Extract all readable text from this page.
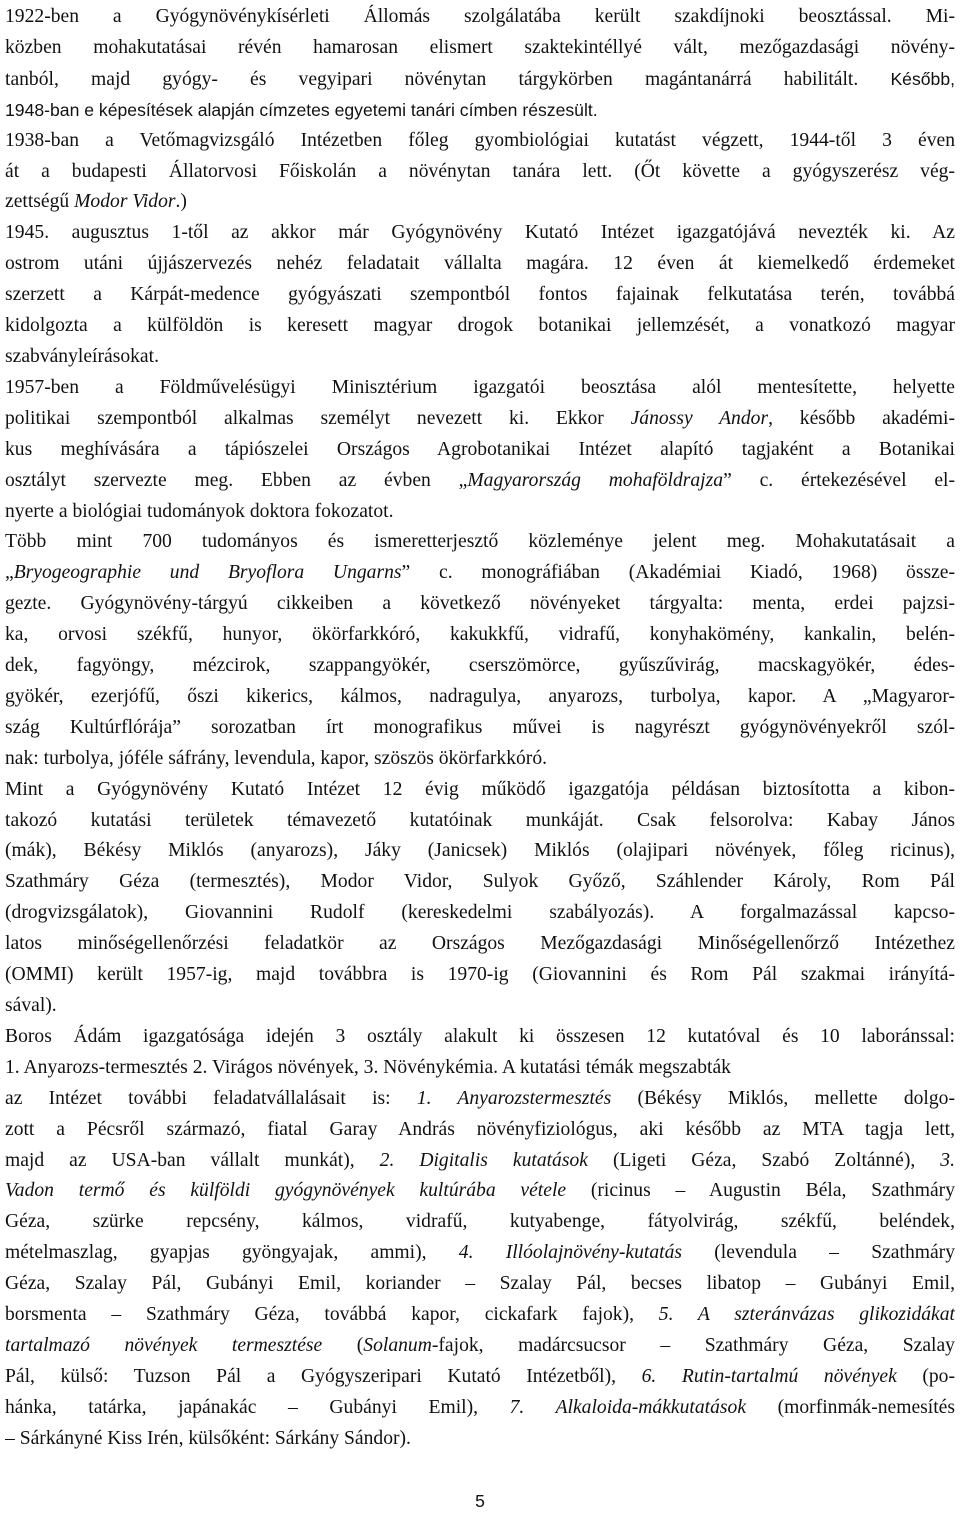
1922-ben a Gyógynövénykísérleti Állomás szolgálatába került szakdíjnoki beosztással. Mi-
közben mohakutatásai révén hamarosan elismert szaktekintéllyé vált, mezőgazdasági növény-
tanból, majd gyógy- és vegyipari növénytan tárgykörben magántanárrá habilitált. Később,
1948-ban e képesítések alapján címzetes egyetemi tanári címben részesült.
1938-ban a Vetőmagvizsgáló Intézetben főleg gyombiológiai kutatást végzett, 1944-től 3 éven
át a budapesti Állatorvosi Főiskolán a növénytan tanára lett. (Őt követte a gyógyszerész vég-
zettségű Modor Vidor.)
1945. augusztus 1-től az akkor már Gyógynövény Kutató Intézet igazgatójává nevezték ki. Az
ostrom utáni újjászervezés nehéz feladatait vállalta magára. 12 éven át kiemelkedő érdemeket
szerzett a Kárpát-medence gyógyászati szempontból fontos fajainak felkutatása terén, továbbá
kidolgozta a külföldön is keresett magyar drogok botanikai jellemzését, a vonatkozó magyar
szabványleírásokat.
1957-ben a Földművelésügyi Minisztérium igazgatói beosztása alól mentesítette, helyette
politikai szempontból alkalmas személyt nevezett ki. Ekkor Jánossy Andor, később akadémi-
kus meghívására a tápiószelei Országos Agrobotanikai Intézet alapító tagjaként a Botanikai
osztályt szervezte meg. Ebben az évben „Magyarország mohaföldrajza” c. értekezésével el-
nyerte a biológiai tudományok doktora fokozatot.
Több mint 700 tudományos és ismeretterjesztő közleménye jelent meg. Mohakutatásait a
„Bryogeographie und Bryoflora Ungarns” c. monográfiában (Akadémiai Kiadó, 1968) össze-
gezte. Gyógynövény-tárgyú cikkeiben a következő növényeket tárgyalta: menta, erdei pajzsi-
ka, orvosi székfű, hunyor, ökörfarkkóró, kakukkfű, vidrafű, konyhakömény, kankalin, belén-
dek, fagyöngy, mézcirok, szappangyökér, cserszömörce, gyűszűvirág, macskagyökér, édes-
gyökér, ezerjófű, őszi kikerics, kálmos, nadragulya, anyarozs, turbolya, kapor. A „Magyaror-
szág Kultúrflórája” sorozatban írt monografikus művei is nagyrészt gyógynövényekről szól-
nak: turbolya, jóféle sáfrány, levendula, kapor, szöszös ökörfarkkóró.
Mint a Gyógynövény Kutató Intézet 12 évig működő igazgatója példásan biztosította a kibon-
takozó kutatási területek témavezető kutatóinak munkáját. Csak felsorolva: Kabay János
(mák), Békésy Miklós (anyarozs), Jáky (Janicsek) Miklós (olajipari növények, főleg ricinus),
Szathmáry Géza (termesztés), Modor Vidor, Sulyok Győző, Száhlender Károly, Rom Pál
(drogvizsgálatok), Giovannini Rudolf (kereskedelmi szabályozás). A forgalmazással kapcso-
latos minőségellenőrzési feladatkör az Országos Mezőgazdasági Minőségellenőrző Intézethez
(OMMI) került 1957-ig, majd továbbra is 1970-ig (Giovannini és Rom Pál szakmai irányítá-
sával).
Boros Ádám igazgatósága idején 3 osztály alakult ki összesen 12 kutatóval és 10 laboránssal:
1. Anyarozs-termesztés 2. Virágos növények, 3. Növénykémia. A kutatási témák megszabták
az Intézet további feladatvállalásait is: 1. Anyarozstermesztés (Békésy Miklós, mellette dolgo-
zott a Pécsről származó, fiatal Garay András növényfiziológus, aki később az MTA tagja lett,
majd az USA-ban vállalt munkát), 2. Digitalis kutatások (Ligeti Géza, Szabó Zoltánné), 3.
Vadon termő és külföldi gyógynövények kultúrába vétele (ricinus – Augustin Béla, Szathmáry
Géza, szürke repcsény, kálmos, vidrafű, kutyabenge, fátyolvirág, székfű, beléndek,
mételmaszlag, gyapjas gyöngyajak, ammi), 4. Illóolajnövény-kutatás (levendula – Szathmáry
Géza, Szalay Pál, Gubányi Emil, koriander – Szalay Pál, becses libatop – Gubányi Emil,
borsmenta – Szathmáry Géza, továbbá kapor, cickafark fajok), 5. A szteránvázas glikozidákat
tartalmazó növények termesztése (Solanum-fajok, madárcsucsor – Szathmáry Géza, Szalay
Pál, külső: Tuzson Pál a Gyógyszeripari Kutató Intézetből), 6. Rutin-tartalmú növények (po-
hánka, tatárka, japánakác – Gubányi Emil), 7. Alkaloida-mákkutatások (morfinmák-nemesítés
– Sárkányné Kiss Irén, külsőként: Sárkány Sándor).
5
